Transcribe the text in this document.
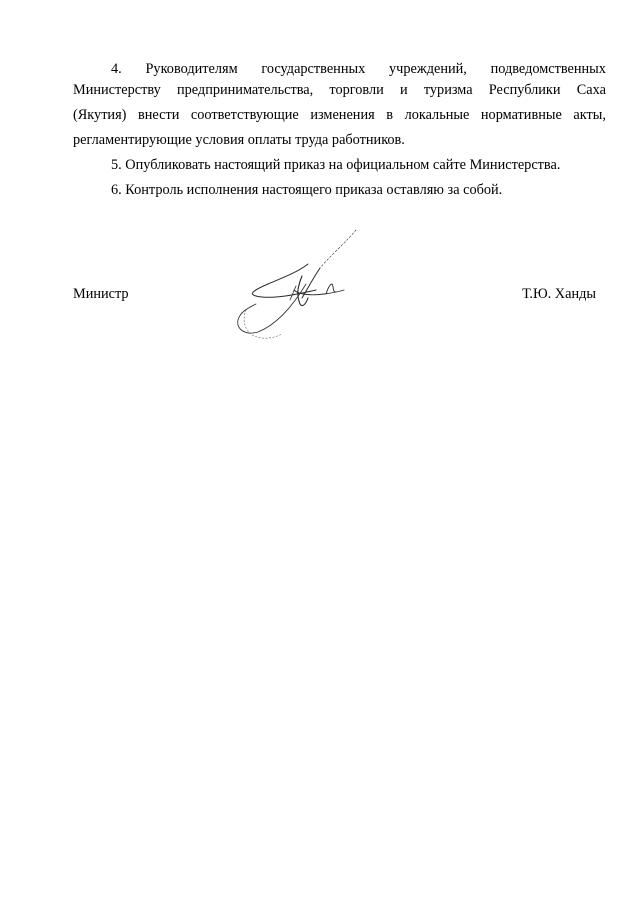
4. Руководителям государственных учреждений, подведомственных
Министерству предпринимательства, торговли и туризма Республики Саха
(Якутия) внести соответствующие изменения в локальные нормативные акты,
регламентирующие условия оплаты труда работников.

5. Опубликовать настоящий приказ на официальном сайте Министерства.

6. Контроль исполнения настоящего приказа оставляю за собой.

Министр	Т.Ю. Ханды
